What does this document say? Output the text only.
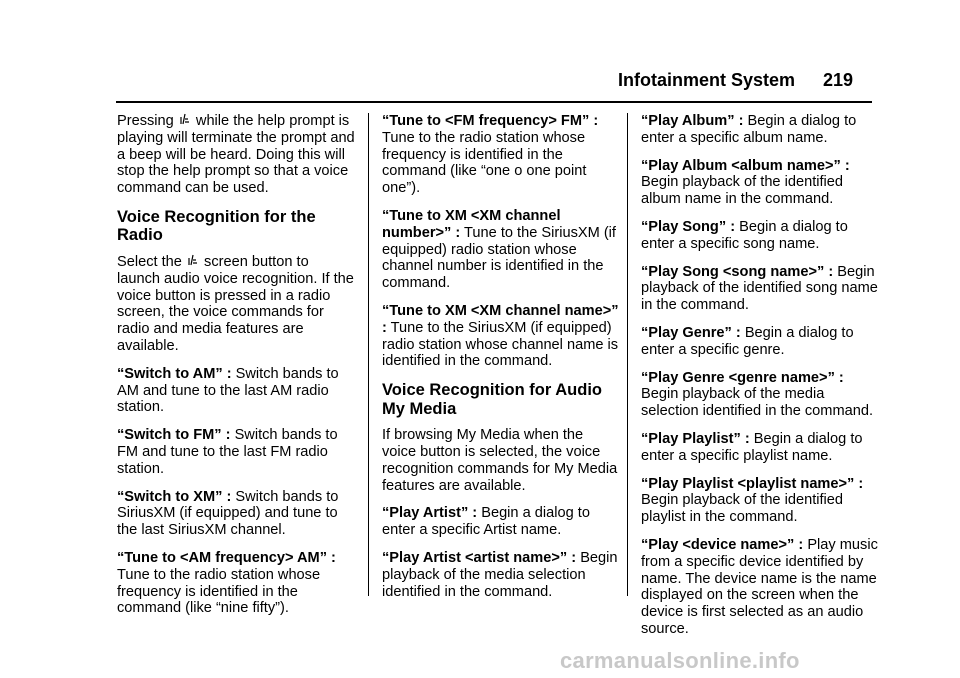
Infotainment System 219

Pressing while the help prompt is playing will terminate the prompt and a beep will be heard. Doing this will stop the help prompt so that a voice command can be used.

Voice Recognition for the Radio

Select the screen button to launch audio voice recognition. If the voice button is pressed in a radio screen, the voice commands for radio and media features are available.

“Switch to AM” : Switch bands to AM and tune to the last AM radio station.

“Switch to FM” : Switch bands to FM and tune to the last FM radio station.

“Switch to XM” : Switch bands to SiriusXM (if equipped) and tune to the last SiriusXM channel.

“Tune to <AM frequency> AM” : Tune to the radio station whose frequency is identified in the command (like “nine fifty”).

“Tune to <FM frequency> FM” : Tune to the radio station whose frequency is identified in the command (like “one o one point one”).

“Tune to XM <XM channel number>” : Tune to the SiriusXM (if equipped) radio station whose channel number is identified in the command.

“Tune to XM <XM channel name>” : Tune to the SiriusXM (if equipped) radio station whose channel name is identified in the command.

Voice Recognition for Audio My Media

If browsing My Media when the voice button is selected, the voice recognition commands for My Media features are available.

“Play Artist” : Begin a dialog to enter a specific Artist name.

“Play Artist <artist name>” : Begin playback of the media selection identified in the command.

“Play Album” : Begin a dialog to enter a specific album name.

“Play Album <album name>” : Begin playback of the identified album name in the command.

“Play Song” : Begin a dialog to enter a specific song name.

“Play Song <song name>” : Begin playback of the identified song name in the command.

“Play Genre” : Begin a dialog to enter a specific genre.

“Play Genre <genre name>” : Begin playback of the media selection identified in the command.

“Play Playlist” : Begin a dialog to enter a specific playlist name.

“Play Playlist <playlist name>” : Begin playback of the identified playlist in the command.

“Play <device name>” : Play music from a specific device identified by name. The device name is the name displayed on the screen when the device is first selected as an audio source.

carmanualsonline.info
